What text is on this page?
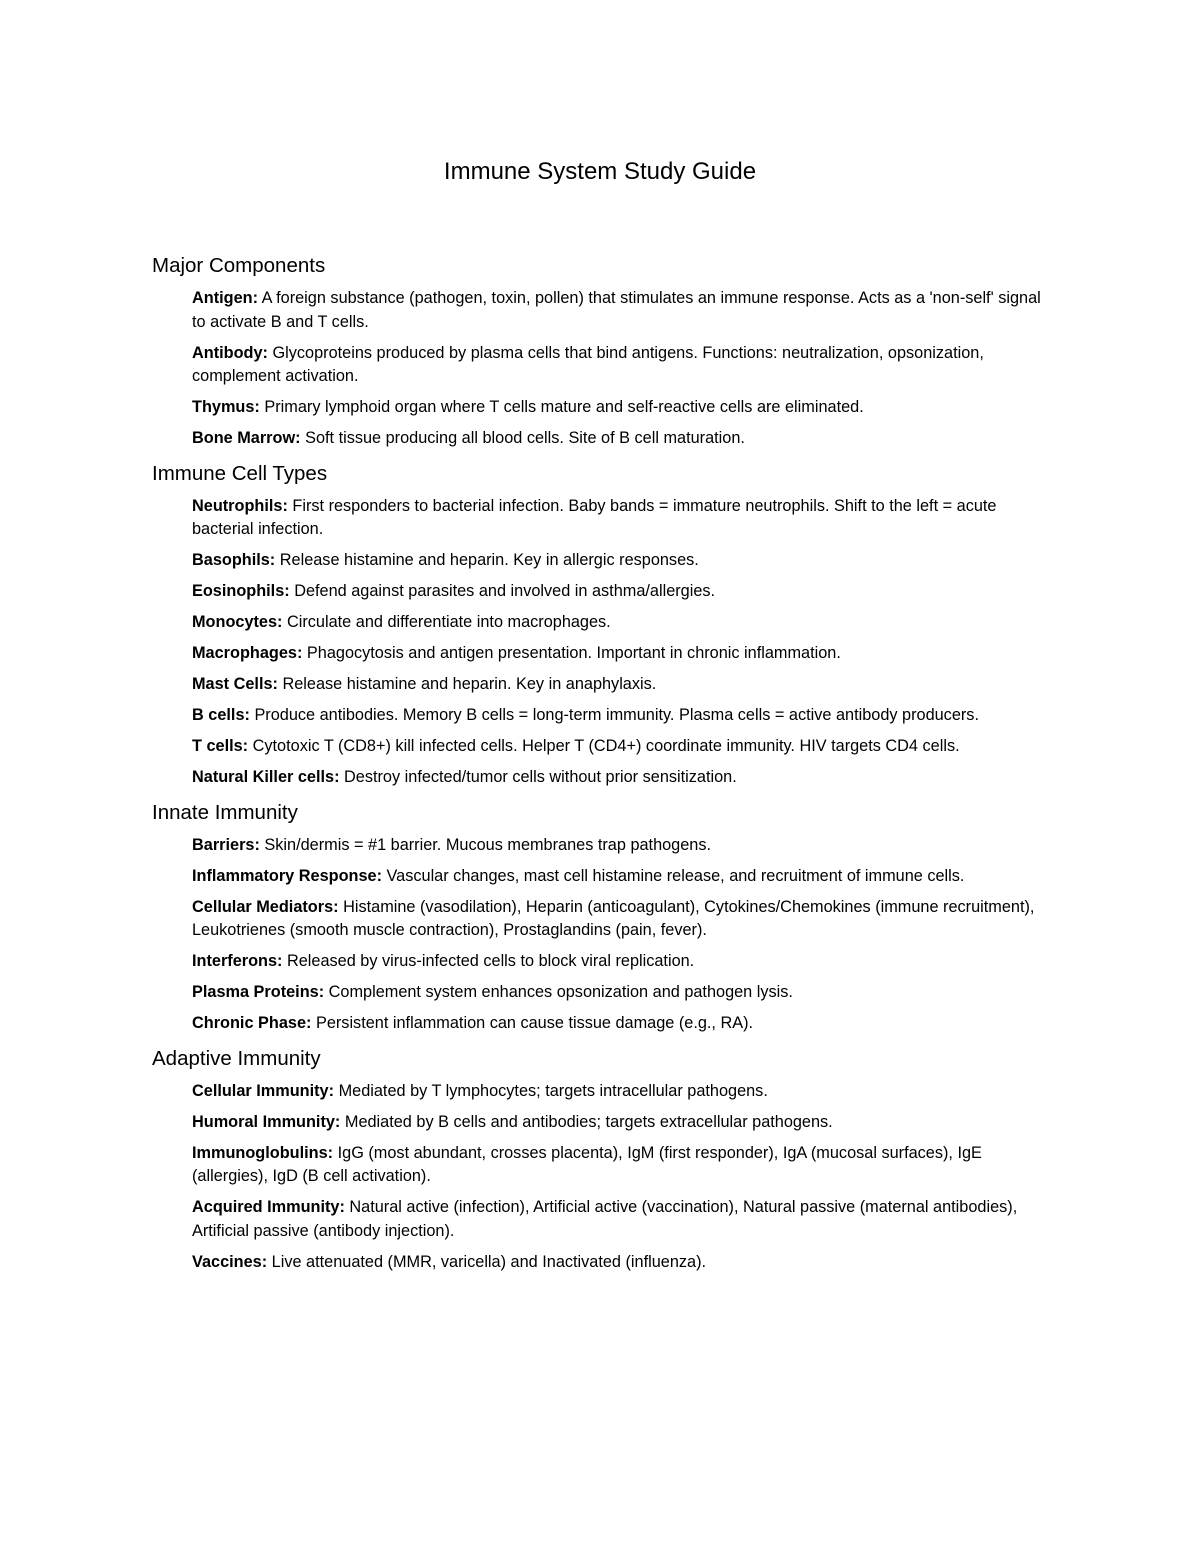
Immune System Study Guide
Major Components
Antigen: A foreign substance (pathogen, toxin, pollen) that stimulates an immune response. Acts as a 'non-self' signal to activate B and T cells.
Antibody: Glycoproteins produced by plasma cells that bind antigens. Functions: neutralization, opsonization, complement activation.
Thymus: Primary lymphoid organ where T cells mature and self-reactive cells are eliminated.
Bone Marrow: Soft tissue producing all blood cells. Site of B cell maturation.
Immune Cell Types
Neutrophils: First responders to bacterial infection. Baby bands = immature neutrophils. Shift to the left = acute bacterial infection.
Basophils: Release histamine and heparin. Key in allergic responses.
Eosinophils: Defend against parasites and involved in asthma/allergies.
Monocytes: Circulate and differentiate into macrophages.
Macrophages: Phagocytosis and antigen presentation. Important in chronic inflammation.
Mast Cells: Release histamine and heparin. Key in anaphylaxis.
B cells: Produce antibodies. Memory B cells = long-term immunity. Plasma cells = active antibody producers.
T cells: Cytotoxic T (CD8+) kill infected cells. Helper T (CD4+) coordinate immunity. HIV targets CD4 cells.
Natural Killer cells: Destroy infected/tumor cells without prior sensitization.
Innate Immunity
Barriers: Skin/dermis = #1 barrier. Mucous membranes trap pathogens.
Inflammatory Response: Vascular changes, mast cell histamine release, and recruitment of immune cells.
Cellular Mediators: Histamine (vasodilation), Heparin (anticoagulant), Cytokines/Chemokines (immune recruitment), Leukotrienes (smooth muscle contraction), Prostaglandins (pain, fever).
Interferons: Released by virus-infected cells to block viral replication.
Plasma Proteins: Complement system enhances opsonization and pathogen lysis.
Chronic Phase: Persistent inflammation can cause tissue damage (e.g., RA).
Adaptive Immunity
Cellular Immunity: Mediated by T lymphocytes; targets intracellular pathogens.
Humoral Immunity: Mediated by B cells and antibodies; targets extracellular pathogens.
Immunoglobulins: IgG (most abundant, crosses placenta), IgM (first responder), IgA (mucosal surfaces), IgE (allergies), IgD (B cell activation).
Acquired Immunity: Natural active (infection), Artificial active (vaccination), Natural passive (maternal antibodies), Artificial passive (antibody injection).
Vaccines: Live attenuated (MMR, varicella) and Inactivated (influenza).
